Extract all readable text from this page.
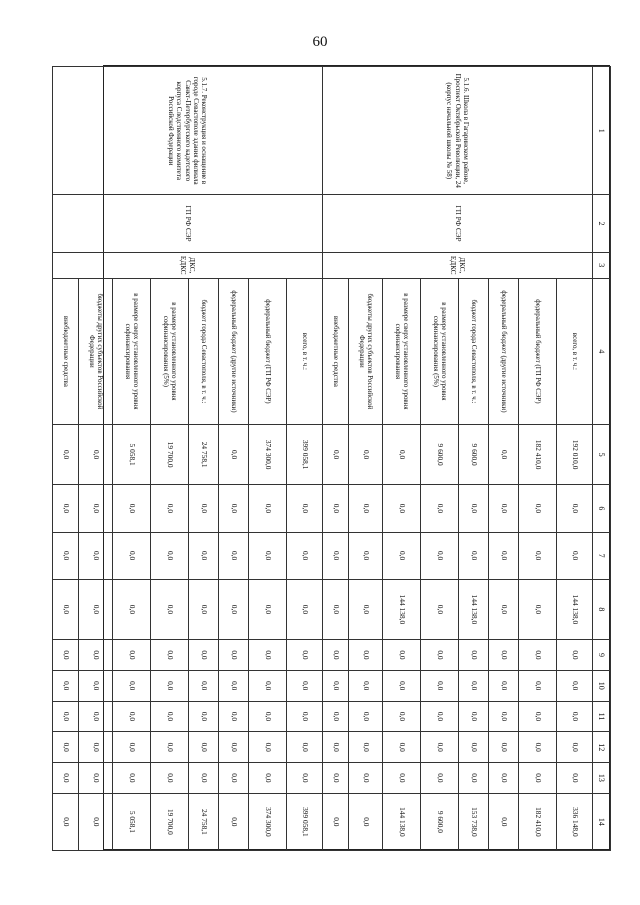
60
1	2	3	4	5	6	7	8	9	10	11	12	13	14
5.1.6. Школа в Гагаринском районе, Проспект Октябрьской Революции, 24 (корпус начальной школы № 58)	ГП РФ СЭР	ДКС, ЕДКС	всего, в т. ч.:	192 010,0	0,0	0,0	144 138,0	0,0	0,0	0,0	0,0	0,0	336 148,0
			федеральный бюджет (ГП РФ СЭР)	182 410,0	0,0	0,0	0,0	0,0	0,0	0,0	0,0	0,0	182 410,0
			федеральный бюджет (другие источники)	0,0	0,0	0,0	0,0	0,0	0,0	0,0	0,0	0,0	0,0
			бюджет города Севастополя, в т. ч.:	9 600,0	0,0	0,0	144 138,0	0,0	0,0	0,0	0,0	0,0	153 738,0
			в размере установленного уровня софинансирования (5%)	9 600,0	0,0	0,0	0,0	0,0	0,0	0,0	0,0	0,0	9 600,0
			в размере сверх установленного уровня софинансирования	0,0	0,0	0,0	144 138,0	0,0	0,0	0,0	0,0	0,0	144 138,0
			бюджеты других субъектов Российской Федерации	0,0	0,0	0,0	0,0	0,0	0,0	0,0	0,0	0,0	0,0
			внебюджетные средства	0,0	0,0	0,0	0,0	0,0	0,0	0,0	0,0	0,0	0,0
5.1.7. Реконструкция и оснащение в городе Севастополе здания филиала Санкт-Петербургского кадетского корпуса Следственного комитета Российской Федерации	ГП РФ СЭР	ДКС, ЕДКС	всего, в т. ч.:	399 058,1	0,0	0,0	0,0	0,0	0,0	0,0	0,0	0,0	399 058,1
			федеральный бюджет (ГП РФ СЭР)	374 300,0	0,0	0,0	0,0	0,0	0,0	0,0	0,0	0,0	374 300,0
			федеральный бюджет (другие источники)	0,0	0,0	0,0	0,0	0,0	0,0	0,0	0,0	0,0	0,0
			бюджет города Севастополя, в т. ч.:	24 758,1	0,0	0,0	0,0	0,0	0,0	0,0	0,0	0,0	24 758,1
			в размере установленного уровня софинансирования (5%)	19 700,0	0,0	0,0	0,0	0,0	0,0	0,0	0,0	0,0	19 700,0
			в размере сверх установленного уровня софинансирования	5 058,1	0,0	0,0	0,0	0,0	0,0	0,0	0,0	0,0	5 058,1
			бюджеты других субъектов Российской Федерации	0,0	0,0	0,0	0,0	0,0	0,0	0,0	0,0	0,0	0,0
			внебюджетные средства	0,0	0,0	0,0	0,0	0,0	0,0	0,0	0,0	0,0	0,0
